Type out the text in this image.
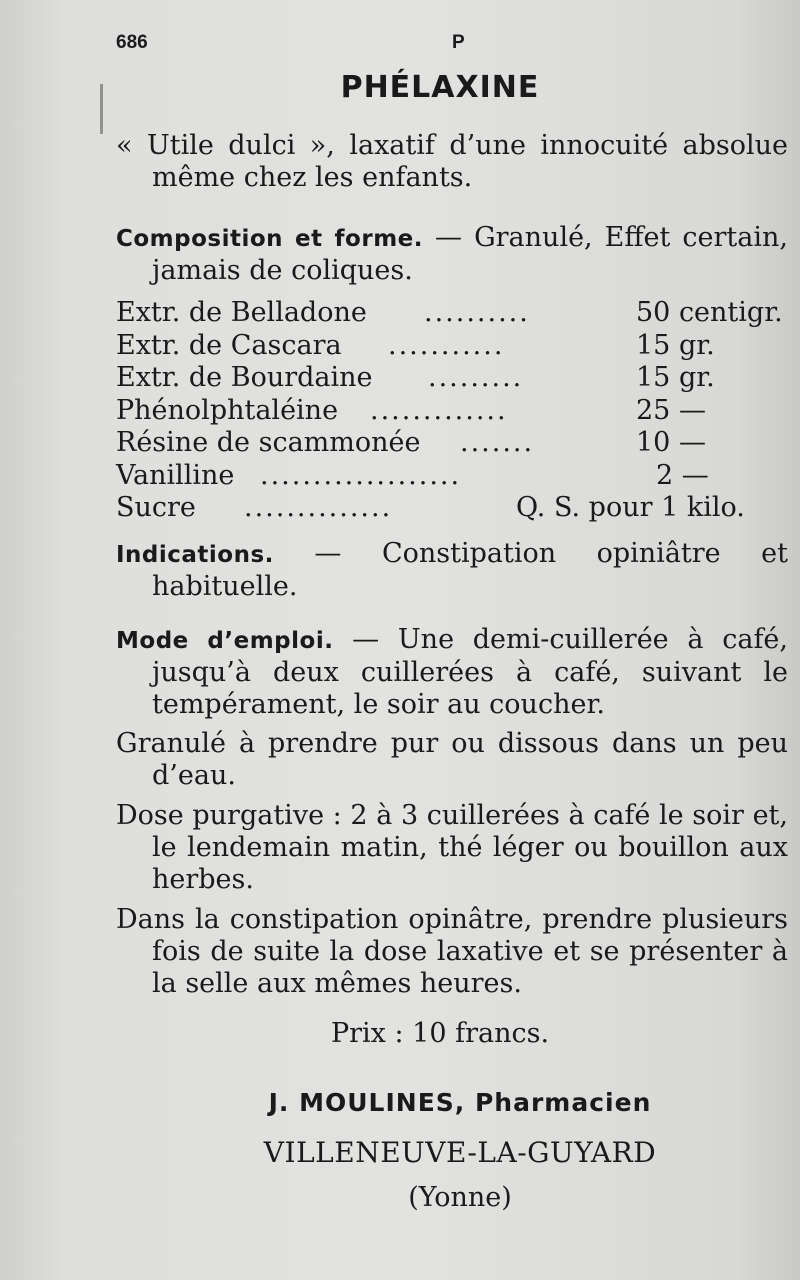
686	P
PHÉLAXINE

« Utile dulci », laxatif d’une innocuité absolue même chez les enfants.

Composition et forme. — Granulé, Effet certain, jamais de coliques.

Extr. de Belladone ..........	50 centigr.
Extr. de Cascara ...........	15 gr.
Extr. de Bourdaine .........	15 gr.
Phénolphtaléine .............	25 —
Résine de scammonée .......	10 —
Vanilline ...................	2 —
Sucre ..............	Q. S. pour 1 kilo.

Indications. — Constipation opiniâtre et habituelle.

Mode d’emploi. — Une demi-cuillerée à café, jusqu’à deux cuillerées à café, suivant le tempérament, le soir au coucher.

Granulé à prendre pur ou dissous dans un peu d’eau.

Dose purgative : 2 à 3 cuillerées à café le soir et, le lendemain matin, thé léger ou bouillon aux herbes.

Dans la constipation opinâtre, prendre plusieurs fois de suite la dose laxative et se présenter à la selle aux mêmes heures.

Prix : 10 francs.
J. MOULINES, Pharmacien
VILLENEUVE-LA-GUYARD
(Yonne)
